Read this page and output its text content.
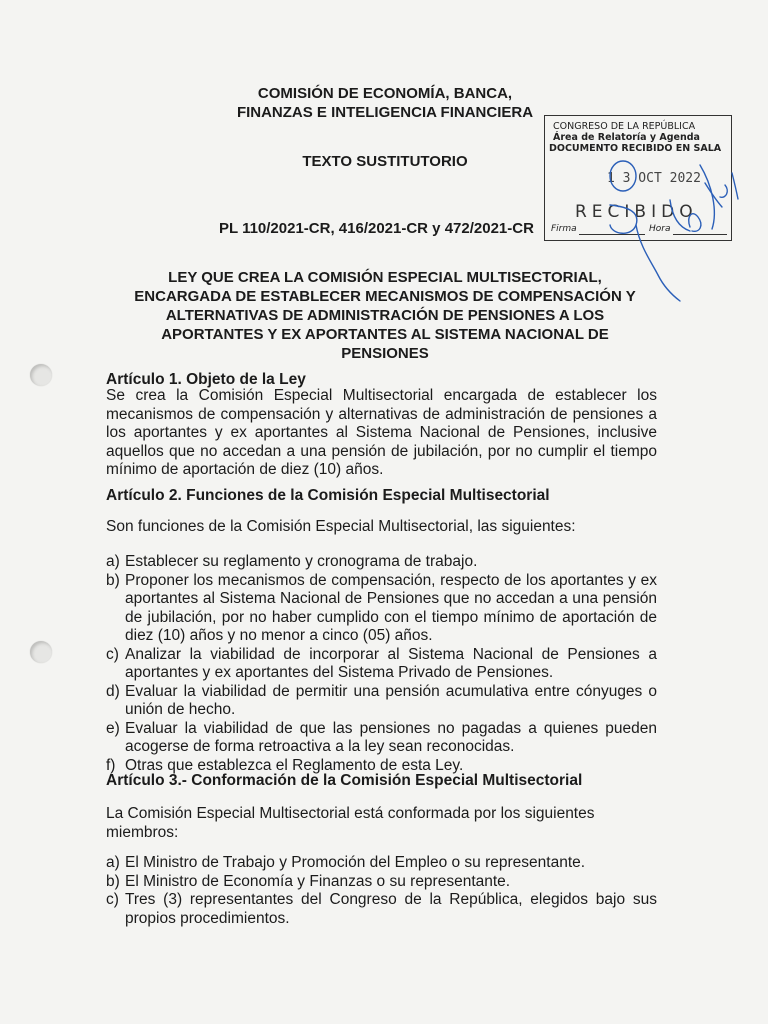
COMISIÓN DE ECONOMÍA, BANCA,
FINANZAS E INTELIGENCIA FINANCIERA
TEXTO SUSTITUTORIO
PL 110/2021-CR, 416/2021-CR y 472/2021-CR
CONGRESO DE LA REPÚBLICA
Área de Relatoría y Agenda
DOCUMENTO RECIBIDO EN SALA
1 3 OCT 2022
RECIBIDO
Firma	Hora
LEY QUE CREA LA COMISIÓN ESPECIAL MULTISECTORIAL,
ENCARGADA DE ESTABLECER MECANISMOS DE COMPENSACIÓN Y
ALTERNATIVAS DE ADMINISTRACIÓN DE PENSIONES A LOS
APORTANTES Y EX APORTANTES AL SISTEMA NACIONAL DE
PENSIONES
Artículo 1. Objeto de la Ley
Se crea la Comisión Especial Multisectorial encargada de establecer los mecanismos de compensación y alternativas de administración de pensiones a los aportantes y ex aportantes al Sistema Nacional de Pensiones, inclusive aquellos que no accedan a una pensión de jubilación, por no cumplir el tiempo mínimo de aportación de diez (10) años.
Artículo 2. Funciones de la Comisión Especial Multisectorial
Son funciones de la Comisión Especial Multisectorial, las siguientes:
a) Establecer su reglamento y cronograma de trabajo.
b) Proponer los mecanismos de compensación, respecto de los aportantes y ex aportantes al Sistema Nacional de Pensiones que no accedan a una pensión de jubilación, por no haber cumplido con el tiempo mínimo de aportación de diez (10) años y no menor a cinco (05) años.
c) Analizar la viabilidad de incorporar al Sistema Nacional de Pensiones a aportantes y ex aportantes del Sistema Privado de Pensiones.
d) Evaluar la viabilidad de permitir una pensión acumulativa entre cónyuges o unión de hecho.
e) Evaluar la viabilidad de que las pensiones no pagadas a quienes pueden acogerse de forma retroactiva a la ley sean reconocidas.
f) Otras que establezca el Reglamento de esta Ley.
Artículo 3.- Conformación de la Comisión Especial Multisectorial
La Comisión Especial Multisectorial está conformada por los siguientes miembros:
a) El Ministro de Trabajo y Promoción del Empleo o su representante.
b) El Ministro de Economía y Finanzas o su representante.
c) Tres (3) representantes del Congreso de la República, elegidos bajo sus propios procedimientos.
